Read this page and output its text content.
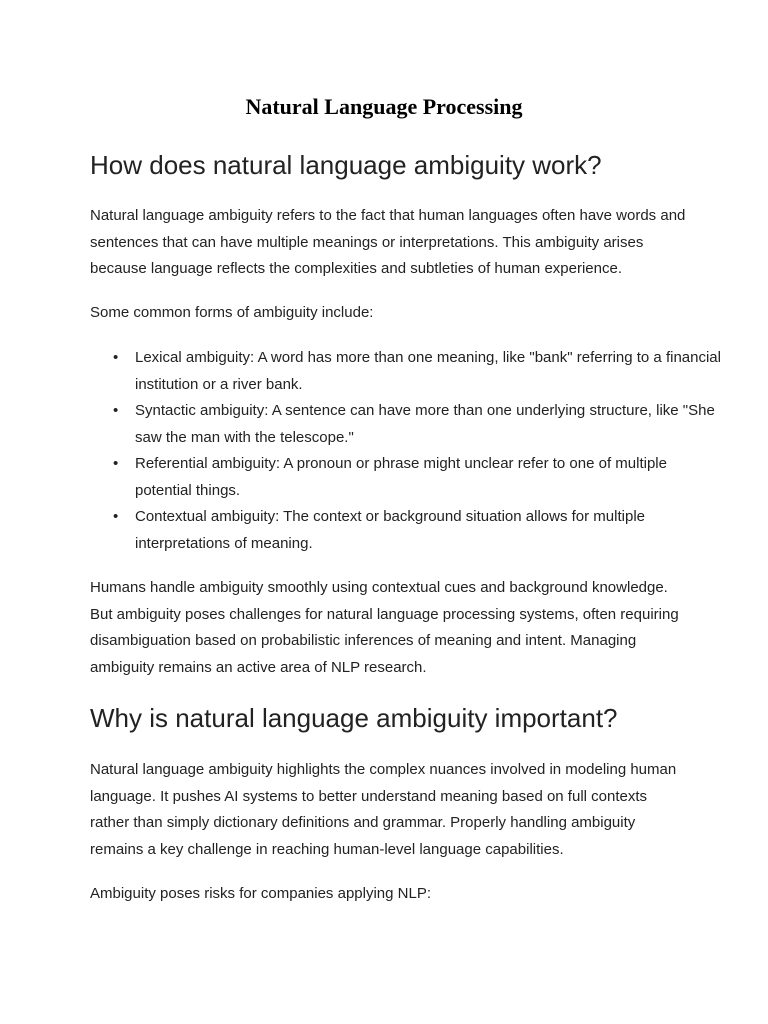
Natural Language Processing
How does natural language ambiguity work?

Natural language ambiguity refers to the fact that human languages often have words and sentences that can have multiple meanings or interpretations. This ambiguity arises because language reflects the complexities and subtleties of human experience.

Some common forms of ambiguity include:

• Lexical ambiguity: A word has more than one meaning, like "bank" referring to a financial institution or a river bank.
• Syntactic ambiguity: A sentence can have more than one underlying structure, like "She saw the man with the telescope."
• Referential ambiguity: A pronoun or phrase might unclear refer to one of multiple potential things.
• Contextual ambiguity: The context or background situation allows for multiple interpretations of meaning.

Humans handle ambiguity smoothly using contextual cues and background knowledge. But ambiguity poses challenges for natural language processing systems, often requiring disambiguation based on probabilistic inferences of meaning and intent. Managing ambiguity remains an active area of NLP research.

Why is natural language ambiguity important?

Natural language ambiguity highlights the complex nuances involved in modeling human language. It pushes AI systems to better understand meaning based on full contexts rather than simply dictionary definitions and grammar. Properly handling ambiguity remains a key challenge in reaching human-level language capabilities.

Ambiguity poses risks for companies applying NLP:
